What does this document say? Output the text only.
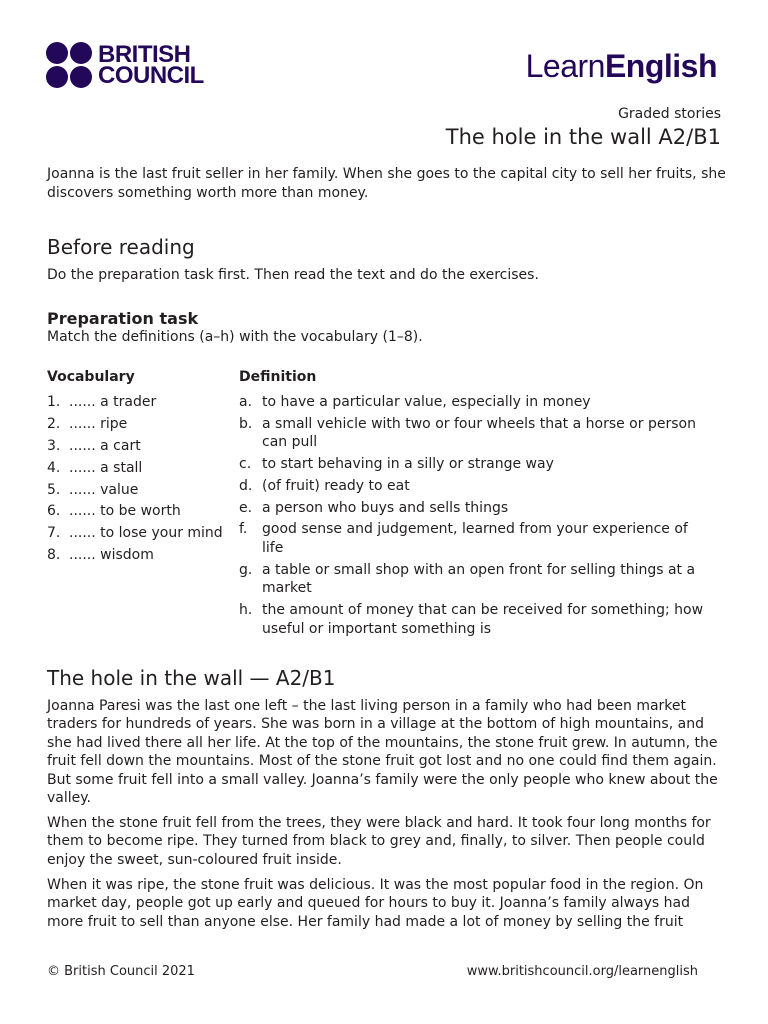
BRITISH
COUNCIL	LearnEnglish
Graded stories
The hole in the wall A2/B1
Joanna is the last fruit seller in her family. When she goes to the capital city to sell her fruits, she discovers something worth more than money.
Before reading
Do the preparation task first. Then read the text and do the exercises.
Preparation task
Match the definitions (a–h) with the vocabulary (1–8).
Vocabulary	Definition
1. ...... a trader
2. ...... ripe
3. ...... a cart
4. ...... a stall
5. ...... value
6. ...... to be worth
7. ...... to lose your mind
8. ...... wisdom
a. to have a particular value, especially in money
b. a small vehicle with two or four wheels that a horse or person can pull
c. to start behaving in a silly or strange way
d. (of fruit) ready to eat
e. a person who buys and sells things
f.	good sense and judgement, learned from your experience of life
g. a table or small shop with an open front for selling things at a market
h. the amount of money that can be received for something; how useful or important something is
The hole in the wall — A2/B1

Joanna Paresi was the last one left – the last living person in a family who had been market traders for hundreds of years. She was born in a village at the bottom of high mountains, and she had lived there all her life. At the top of the mountains, the stone fruit grew. In autumn, the fruit fell down the mountains. Most of the stone fruit got lost and no one could find them again. But some fruit fell into a small valley. Joanna’s family were the only people who knew about the valley.

When the stone fruit fell from the trees, they were black and hard. It took four long months for them to become ripe. They turned from black to grey and, finally, to silver. Then people could enjoy the sweet, sun-coloured fruit inside.

When it was ripe, the stone fruit was delicious. It was the most popular food in the region. On market day, people got up early and queued for hours to buy it. Joanna’s family always had more fruit to sell than anyone else. Her family had made a lot of money by selling the fruit

© British Council 2021	www.britishcouncil.org/learnenglish
